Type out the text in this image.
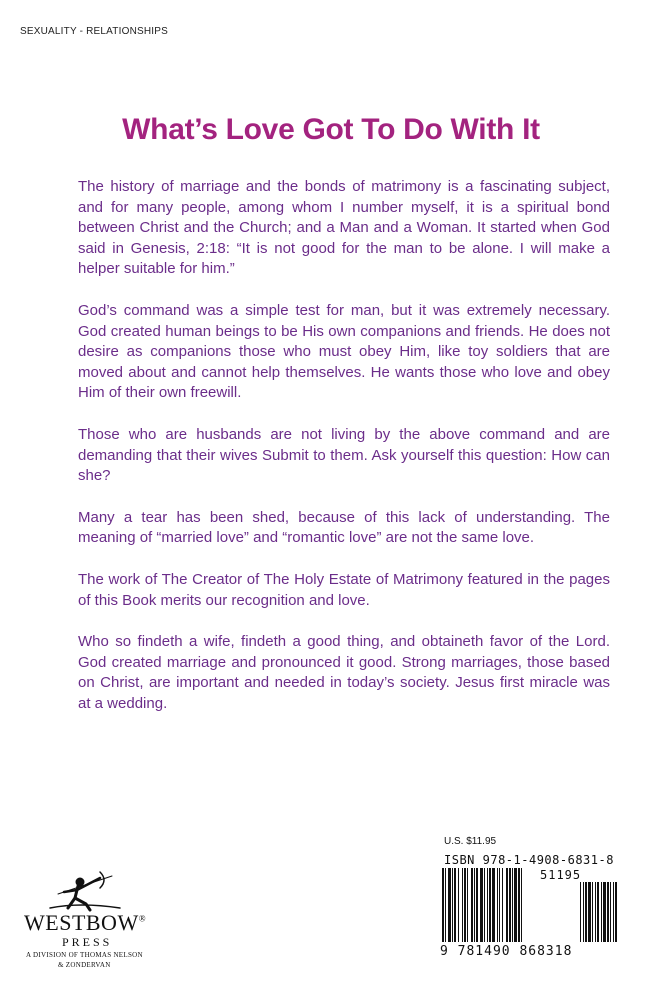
SEXUALITY - RELATIONSHIPS
What’s Love Got To Do With It

The history of marriage and the bonds of matrimony is a fascinating subject, and for many people, among whom I number myself, it is a spiritual bond between Christ and the Church; and a Man and a Woman. It started when God said in Genesis, 2:18: “It is not good for the man to be alone. I will make a helper suitable for him.”

God’s command was a simple test for man, but it was extremely necessary. God created human beings to be His own companions and friends. He does not desire as companions those who must obey Him, like toy soldiers that are moved about and cannot help themselves. He wants those who love and obey Him of their own freewill.

Those who are husbands are not living by the above command and are demanding that their wives Submit to them. Ask yourself this question: How can she?

Many a tear has been shed, because of this lack of understanding. The meaning of “married love” and “romantic love” are not the same love.

The work of The Creator of The Holy Estate of Matrimony featured in the pages of this Book merits our recognition and love.

Who so findeth a wife, findeth a good thing, and obtaineth favor of the Lord. God created marriage and pronounced it good. Strong marriages, those based on Christ, are important and needed in today’s society. Jesus first miracle was at a wedding.

WESTBOW®
PRESS
A DIVISION OF THOMAS NELSON
& ZONDERVAN
U.S. $11.95
ISBN 978-1-4908-6831-8
51195
9 781490 868318
